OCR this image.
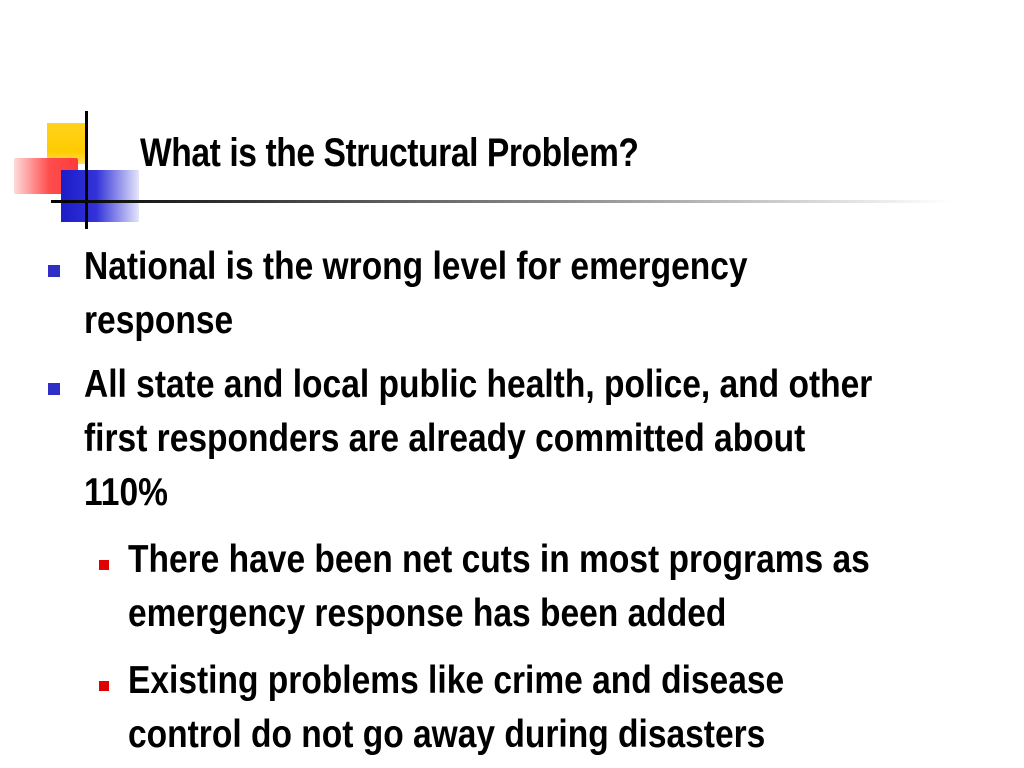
What is the Structural Problem?
National is the wrong level for emergency
response
All state and local public health, police, and other
first responders are already committed about
110%
There have been net cuts in most programs as
emergency response has been added
Existing problems like crime and disease
control do not go away during disasters
